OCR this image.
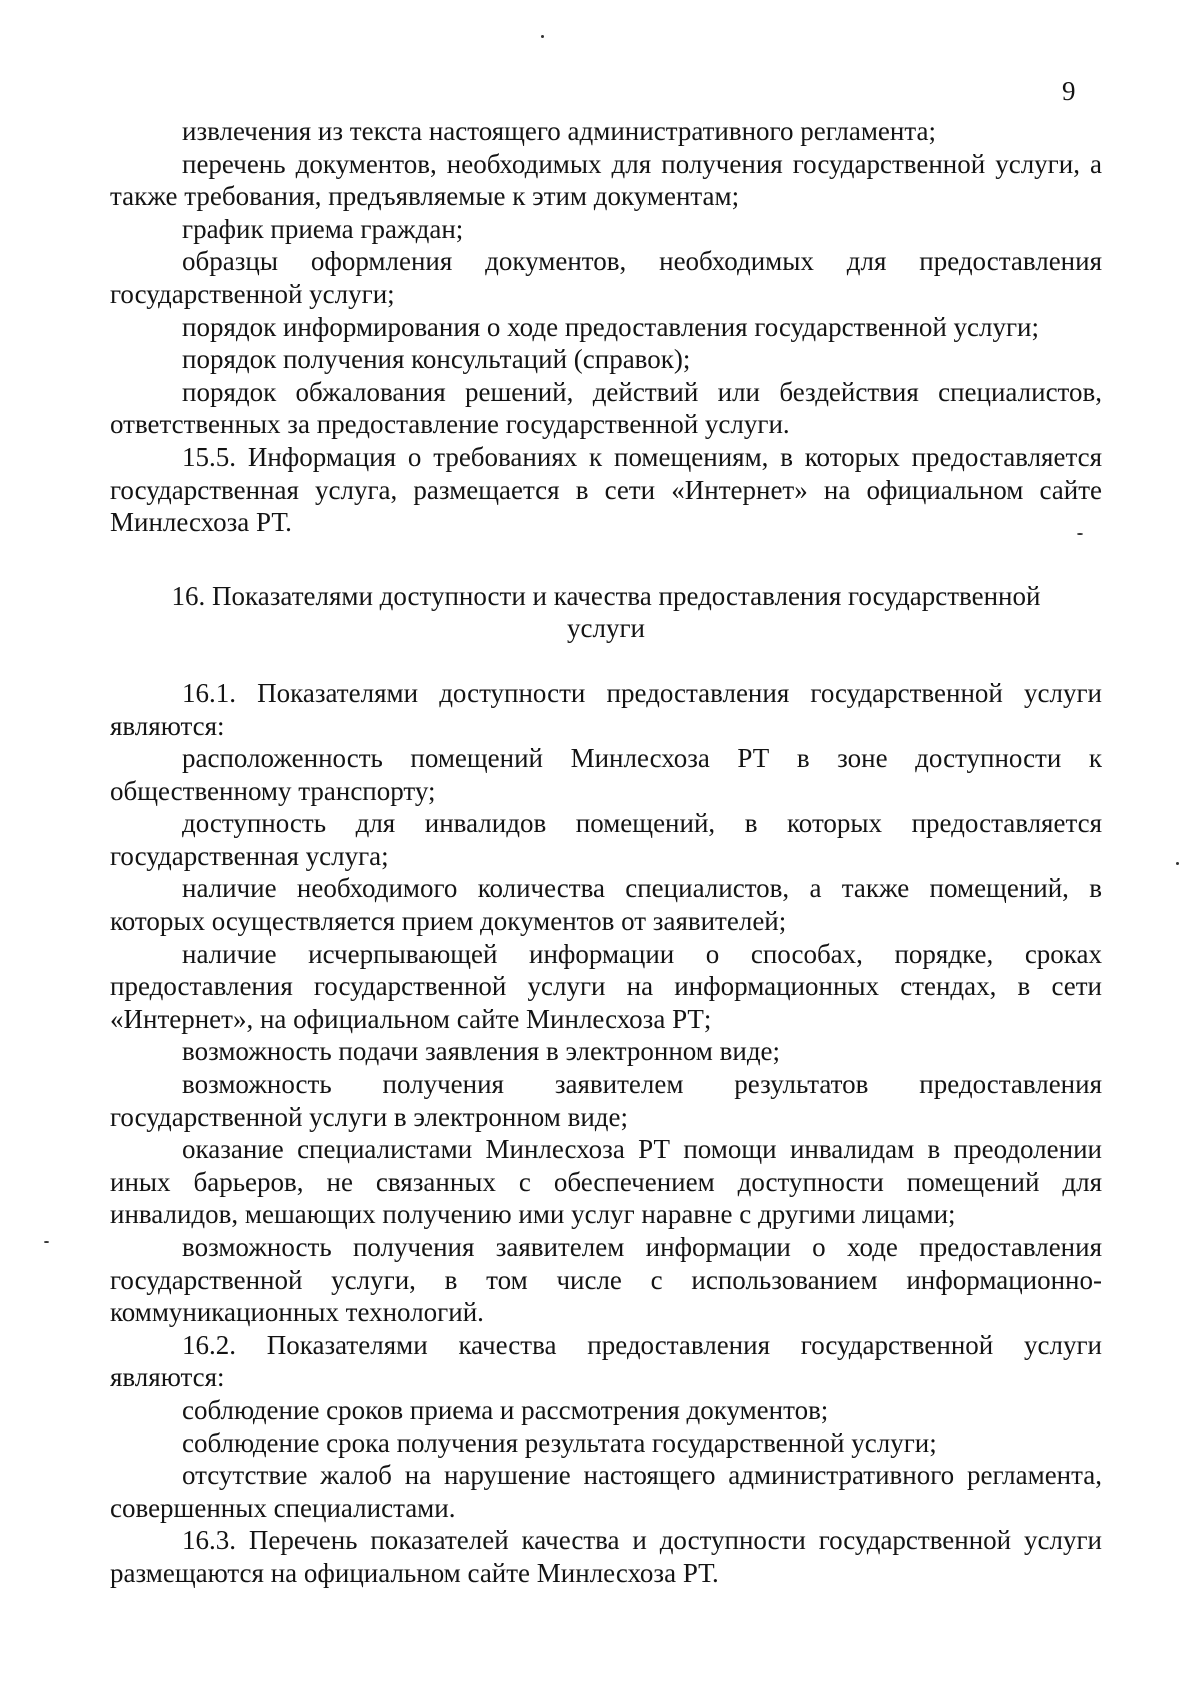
9

извлечения из текста настоящего административного регламента;

перечень документов, необходимых для получения государственной услуги, а также требования, предъявляемые к этим документам;

график приема граждан;

образцы оформления документов, необходимых для предоставления государственной услуги;

порядок информирования о ходе предоставления государственной услуги;

порядок получения консультаций (справок);

порядок обжалования решений, действий или бездействия специалистов, ответственных за предоставление государственной услуги.

15.5. Информация о требованиях к помещениям, в которых предоставляется государственная услуга, размещается в сети «Интернет» на официальном сайте Минлесхоза РТ.

16. Показателями доступности и качества предоставления государственной

услуги

16.1. Показателями доступности предоставления государственной услуги являются:

расположенность помещений Минлесхоза РТ в зоне доступности к общественному транспорту;

доступность для инвалидов помещений, в которых предоставляется государственная услуга;

наличие необходимого количества специалистов, а также помещений, в которых осуществляется прием документов от заявителей;

наличие исчерпывающей информации о способах, порядке, сроках предоставления государственной услуги на информационных стендах, в сети «Интернет», на официальном сайте Минлесхоза РТ;

возможность подачи заявления в электронном виде;

возможность получения заявителем результатов предоставления государственной услуги в электронном виде;

оказание специалистами Минлесхоза РТ помощи инвалидам в преодолении иных барьеров, не связанных с обеспечением доступности помещений для инвалидов, мешающих получению ими услуг наравне с другими лицами;

возможность получения заявителем информации о ходе предоставления государственной услуги, в том числе с использованием информационно-коммуникационных технологий.

16.2. Показателями качества предоставления государственной услуги являются:

соблюдение сроков приема и рассмотрения документов;

соблюдение срока получения результата государственной услуги;

отсутствие жалоб на нарушение настоящего административного регламента, совершенных специалистами.

16.3. Перечень показателей качества и доступности государственной услуги размещаются на официальном сайте Минлесхоза РТ.
